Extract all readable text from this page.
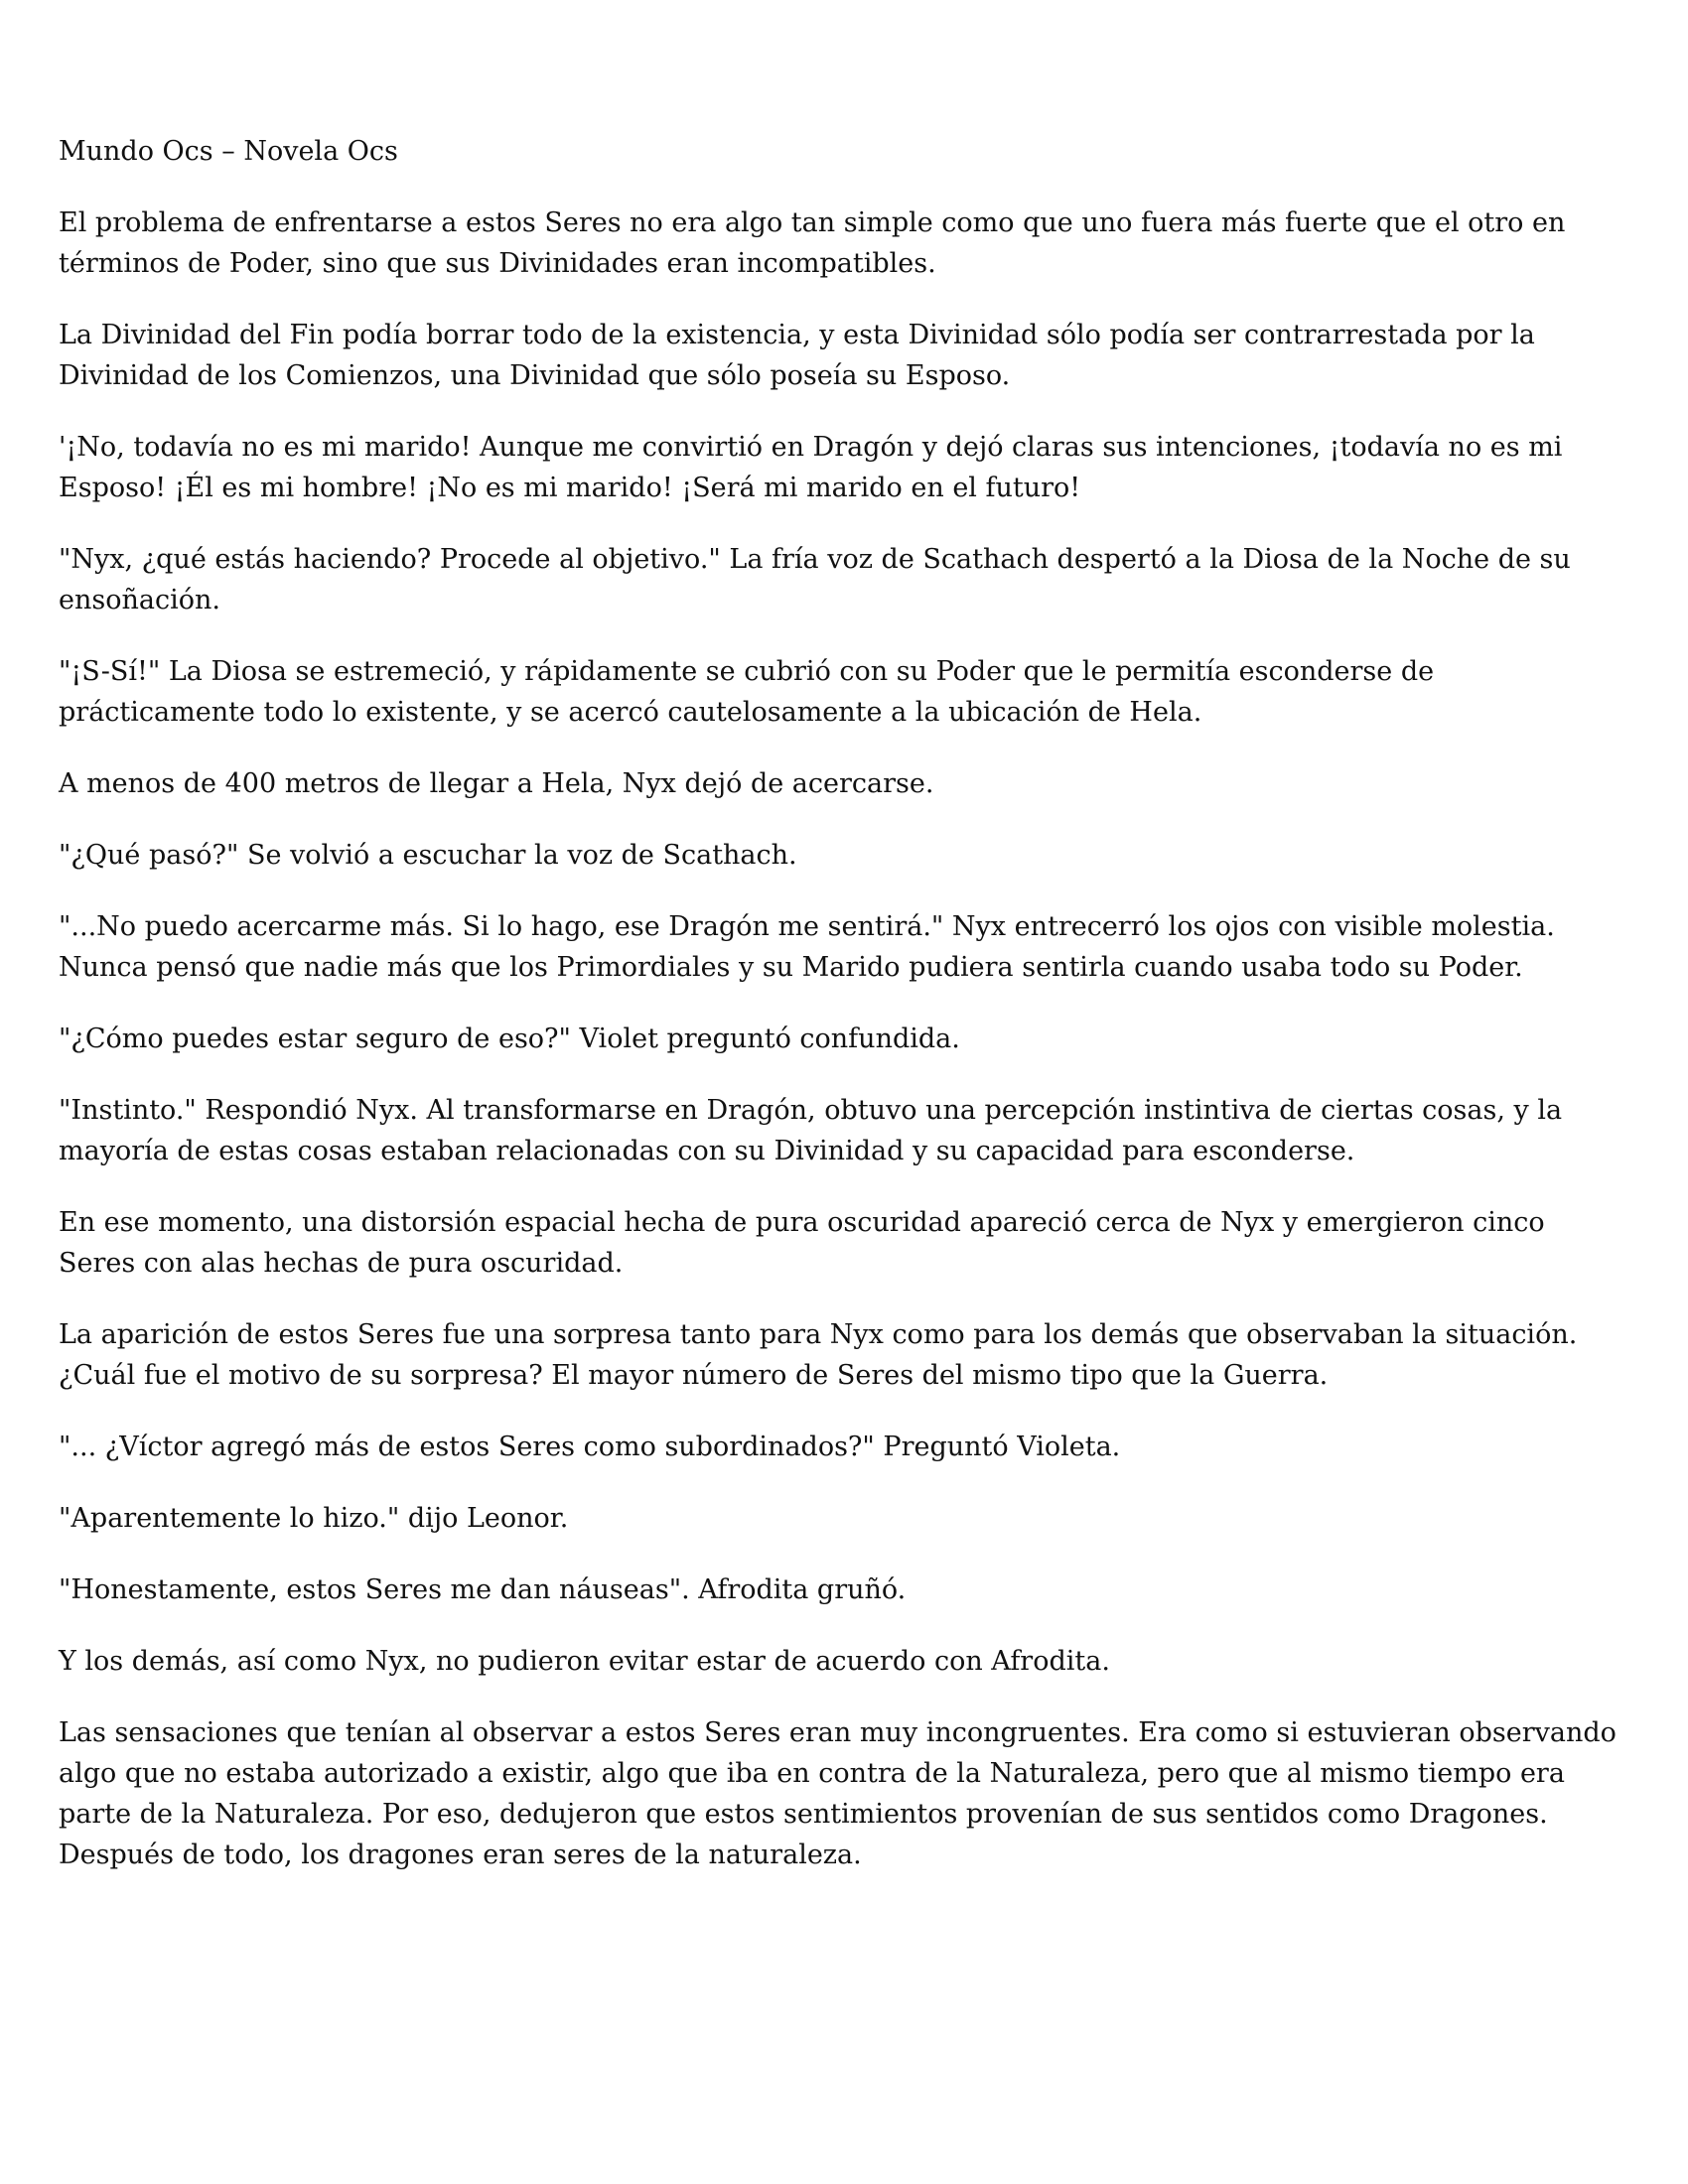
Mundo Ocs – Novela Ocs

El problema de enfrentarse a estos Seres no era algo tan simple como que uno fuera más fuerte que el otro en términos de Poder, sino que sus Divinidades eran incompatibles.

La Divinidad del Fin podía borrar todo de la existencia, y esta Divinidad sólo podía ser contrarrestada por la Divinidad de los Comienzos, una Divinidad que sólo poseía su Esposo.

'¡No, todavía no es mi marido! Aunque me convirtió en Dragón y dejó claras sus intenciones, ¡todavía no es mi Esposo! ¡Él es mi hombre! ¡No es mi marido! ¡Será mi marido en el futuro!

"Nyx, ¿qué estás haciendo? Procede al objetivo." La fría voz de Scathach despertó a la Diosa de la Noche de su ensoñación.

"¡S-Sí!" La Diosa se estremeció, y rápidamente se cubrió con su Poder que le permitía esconderse de prácticamente todo lo existente, y se acercó cautelosamente a la ubicación de Hela.

A menos de 400 metros de llegar a Hela, Nyx dejó de acercarse.

"¿Qué pasó?" Se volvió a escuchar la voz de Scathach.

"...No puedo acercarme más. Si lo hago, ese Dragón me sentirá." Nyx entrecerró los ojos con visible molestia. Nunca pensó que nadie más que los Primordiales y su Marido pudiera sentirla cuando usaba todo su Poder.

"¿Cómo puedes estar seguro de eso?" Violet preguntó confundida.

"Instinto." Respondió Nyx. Al transformarse en Dragón, obtuvo una percepción instintiva de ciertas cosas, y la mayoría de estas cosas estaban relacionadas con su Divinidad y su capacidad para esconderse.

En ese momento, una distorsión espacial hecha de pura oscuridad apareció cerca de Nyx y emergieron cinco Seres con alas hechas de pura oscuridad.

La aparición de estos Seres fue una sorpresa tanto para Nyx como para los demás que observaban la situación. ¿Cuál fue el motivo de su sorpresa? El mayor número de Seres del mismo tipo que la Guerra.

"... ¿Víctor agregó más de estos Seres como subordinados?" Preguntó Violeta.

"Aparentemente lo hizo." dijo Leonor.

"Honestamente, estos Seres me dan náuseas". Afrodita gruñó.

Y los demás, así como Nyx, no pudieron evitar estar de acuerdo con Afrodita.

Las sensaciones que tenían al observar a estos Seres eran muy incongruentes. Era como si estuvieran observando algo que no estaba autorizado a existir, algo que iba en contra de la Naturaleza, pero que al mismo tiempo era parte de la Naturaleza. Por eso, dedujeron que estos sentimientos provenían de sus sentidos como Dragones. Después de todo, los dragones eran seres de la naturaleza.
